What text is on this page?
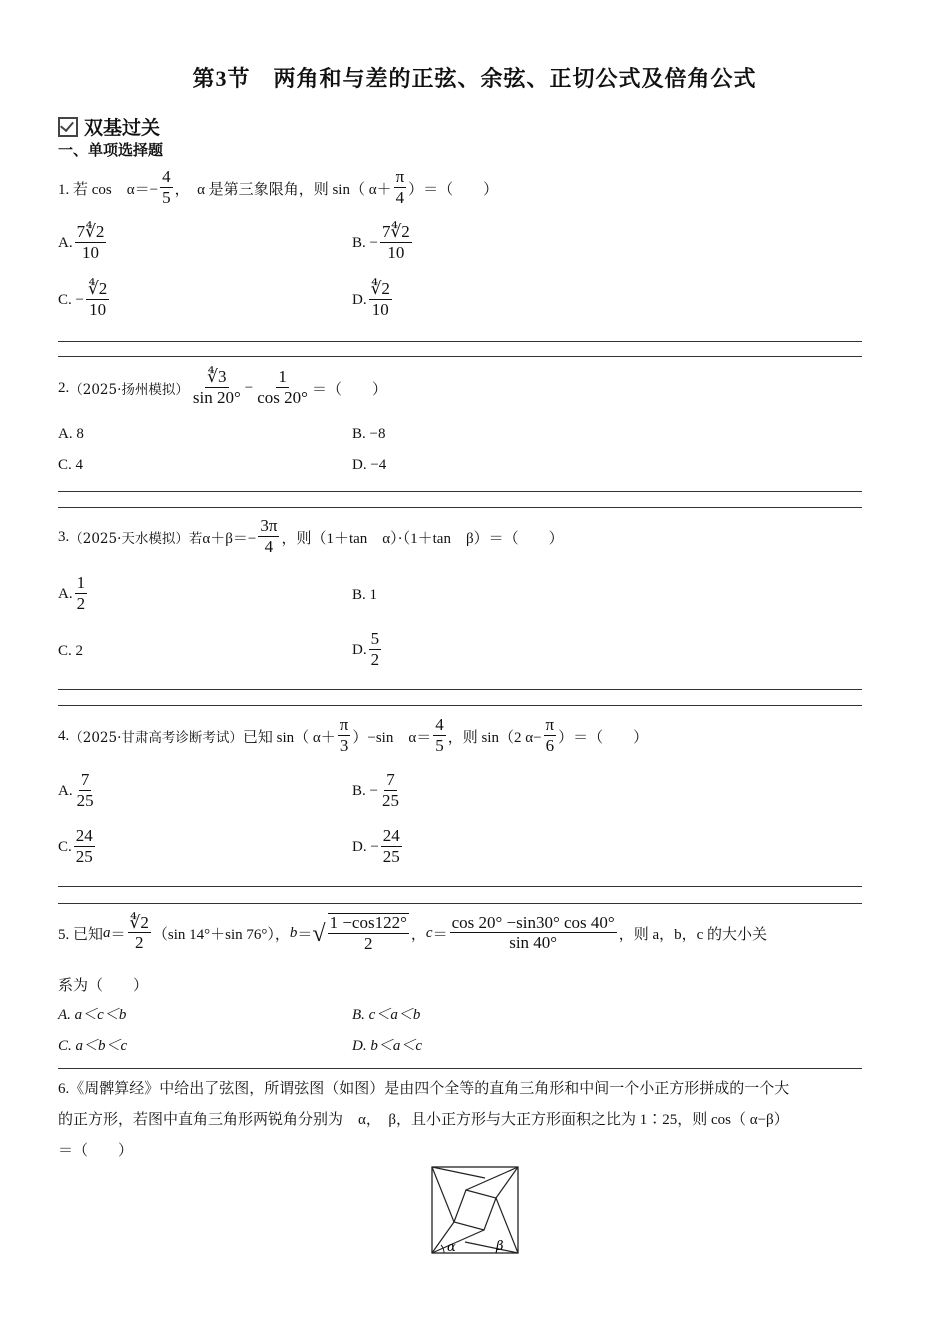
第3节　两角和与差的正弦、余弦、正切公式及倍角公式
双基过关
一、单项选择题
1. 若 cos　$\alpha=- \frac{4}{5}$ ，　α 是第三象限角，则 sin（ $\alpha+ \frac{\pi}{4}$ ）＝（　　）
A. $\frac{7∜2}{10}$	B. − $\frac{7∜2}{10}$
C. − $\frac{∜2}{10}$	D. $\frac{∜2}{10}$
2. （2025·扬州模拟） $\frac{∜3}{\sin 20^\circ} - \frac{1}{\cos 20^\circ}$ ＝（　　）
A. 8	B. −8
C. 4	D. −4
3. （2025·天水模拟）若 $\alpha+\beta=- \frac{3\pi}{4}$ ，则（1＋tan　α）·（1＋tan　β）＝（　　）
A. $\frac{1}{2}$	B. 1
C. 2	D. $\frac{5}{2}$
4. （2025·甘肃高考诊断考试） 已知 sin（ $\alpha+ \frac{\pi}{3} )-\sin$　$\alpha= \frac{4}{5}$ ，则 sin（2 $\alpha- \frac{\pi}{6}$ ）＝（　　）
A. $\frac{7}{25}$	B. − $\frac{7}{25}$
C. $\frac{24}{25}$	D. − $\frac{24}{25}$
5. 已知 $a = \frac{∜2}{2} (\sin$ 14°＋sin 76°）， b ＝ √ $\frac{1 -\cos 122^\circ}{2}$ ， $c = \frac{\cos 20^\circ -\sin 30^\circ \cos 40^\circ}{\sin 40^\circ}$ ，则 a，b，c 的大小关
系为（　　）
A. a＜c＜b	B. c＜a＜b
C. a＜b＜c	D. b＜a＜c
6.《周髀算经》中给出了弦图，所谓弦图（如图）是由四个全等的直角三角形和中间一个小正方形拼成的一个大
的正方形，若图中直角三角形两锐角分别为　α，　β，且小正方形与大正方形面积之比为 1∶25，则 cos（ α−β）
＝（　　）
α	β
